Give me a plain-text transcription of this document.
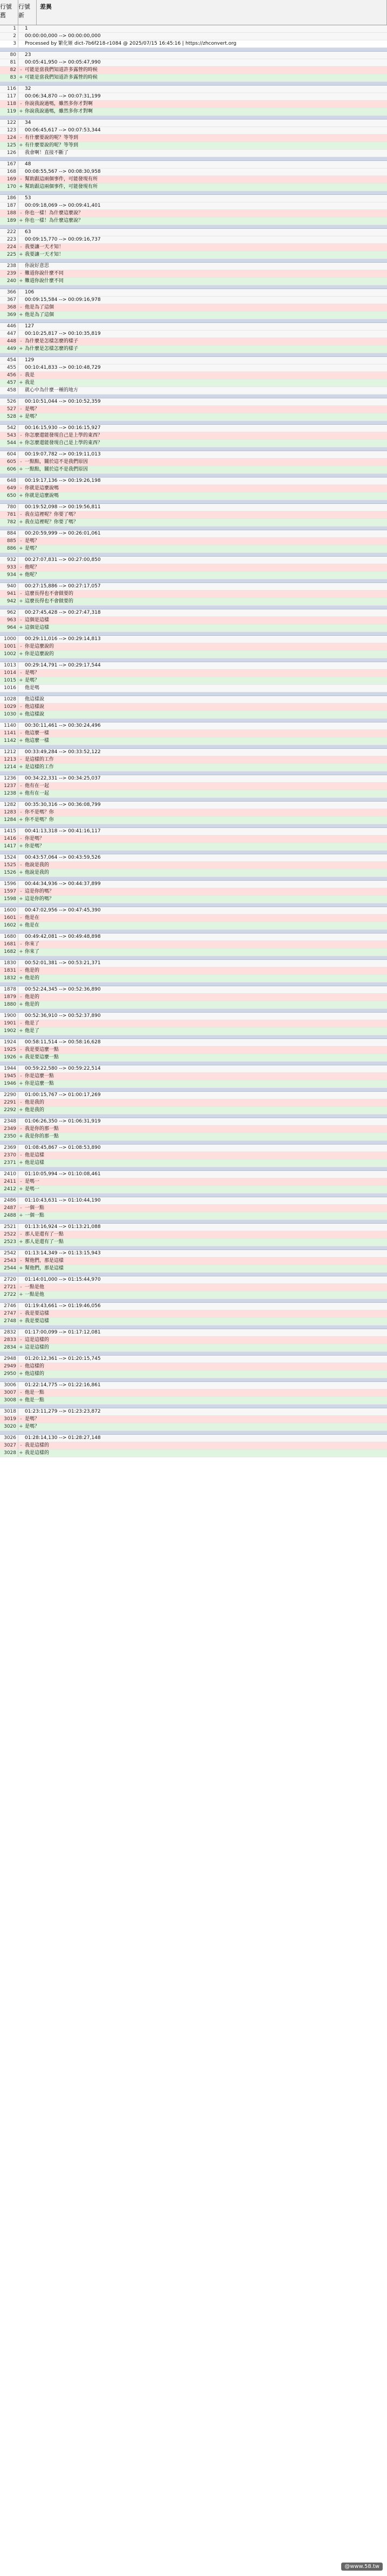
行號 舊
行號 新
差異
1	1
2	00:00:00,000 --> 00:00:00,000
3	Processed by 繁化姬 dict-7b6f218-r1084 @ 2025/07/15 16:45:16 | https://zhconvert.org
80	23
81	00:05:41,950 --> 00:05:47,990
82 - 可能是當我們知道許多露營的時候
83 + 可能是當我們知道許多露營的時候
116	32
117	00:06:34,870 --> 00:07:31,199
118 - 你說我說過嗎，雖然多你才對啊
119 + 你說我說過嗎，雖然多你才對啊
122	34
123	00:06:45,617 --> 00:07:53,344
124 - 有什麼要說的呢？等等到
125 + 有什麼要說的呢？等等到
126	我會啊！直接不斷了
167	48
168	00:08:55,567 --> 00:08:30,958
169 - 幫助跟這兩個事件，可能發現有所
170 + 幫助跟這兩個事件，可能發現有所
186	53
187	00:09:18,069 --> 00:09:41,401
188 - 你也一樣！為什麼這麼說？
189 + 你也一樣！為什麼這麼說？
222	63
223	00:09:15,770 --> 00:09:16,737
224 - 我要讓一天才知！
225 + 我要讓一天才知！
238	你說好意思
239 - 難道你說什麼不同
240 + 難道你說什麼不同
366	106
367	00:09:15,584 --> 00:09:16,978
368 - 他是為了這個
369 + 他是為了這個
446	127
447	00:10:25,817 --> 00:10:35,819
448 - 為什麼是怎樣怎麼的樣子
449 + 為什麼是怎樣怎麼的樣子
454	129
455	00:10:41,833 --> 00:10:48,729
456 - 我是
457 + 我是
458	就心中為什麼一種的地方
526	00:10:51,044 --> 00:10:52,359
527 - 是嗎？
528 + 是嗎？
542	00:16:15,930 --> 00:16:15,927
543 - 你怎麼還能發現自己是上學的東西？
544 + 你怎麼還能發現自己是上學的東西？
604	00:19:07,782 --> 00:19:11,013
605 - 一點點，關於這不是我們原因
606 + 一點點，關於這不是我們原因
648	00:19:17,136 --> 00:19:26,198
649 - 你就是這麼說嗎
650 + 你就是這麼說嗎
780	00:19:52,098 --> 00:19:56,811
781 - 我在這裡呢？你要了嗎？
782 + 我在這裡呢？你要了嗎？
884	00:20:59,999 --> 00:26:01,061
885 - 是嗎？
886 + 是嗎？
932	00:27:07,831 --> 00:27:00,850
933 - 他呢？
934 + 他呢？
940	00:27:15,886 --> 00:27:17,057
941 - 這麼長得也不會做要的
942 + 這麼長得也不會做要的
962	00:27:45,428 --> 00:27:47,318
963 - 這個是這樣
964 + 這個是這樣
1000	00:29:11,016 --> 00:29:14,813
1001 - 你是這麼說的
1002 + 你是這麼說的
1013	00:29:14,791 --> 00:29:17,544
1014 - 是嗎？
1015 + 是嗎？
1016	他是嗎
1028	他這樣說
1029 - 他這樣說
1030 + 他這樣說
1140	00:30:11,461 --> 00:30:24,496
1141 - 他這麼一樣
1142 + 他這麼一樣
1212	00:33:49,284 --> 00:33:52,122
1213 - 是這樣的工作
1214 + 是這樣的工作
1236	00:34:22,331 --> 00:34:25,037
1237 - 他有在一起
1238 + 他有在一起
1282	00:35:30,316 --> 00:36:08,799
1283 - 你不是嗎？你
1284 + 你不是嗎？你
1415	00:41:13,318 --> 00:41:16,117
1416 - 你是嗎？
1417 + 你是嗎？
1524	00:43:57,064 --> 00:43:59,526
1525 - 他說是我的
1526 + 他說是我的
1596	00:44:34,936 --> 00:44:37,899
1597 - 這是你的嗎？
1598 + 這是你的嗎？
1600	00:47:02,956 --> 00:47:45,390
1601 - 他是在
1602 + 他是在
1680	00:49:42,081 --> 00:49:48,898
1681 - 你來了
1682 + 你來了
1830	00:52:01,381 --> 00:53:21,371
1831 - 他是的
1832 + 他是的
1878	00:52:24,345 --> 00:52:36,890
1879 - 他是的
1880 + 他是的
1900	00:52:36,910 --> 00:52:37,890
1901 - 他是了
1902 + 他是了
1924	00:58:11,514 --> 00:58:16,628
1925 - 我是要這麼一點
1926 + 我是要這麼一點
1944	00:59:22,580 --> 00:59:22,514
1945 - 你是這麼一點
1946 + 你是這麼一點
2290	01:00:15,767 --> 01:00:17,269
2291 - 他是我的
2292 + 他是我的
2348	01:06:26,350 --> 01:06:31,919
2349 - 我是你的那一點
2350 + 我是你的那一點
2369	01:08:45,867 --> 01:08:53,890
2370 - 他是這樣
2371 + 他是這樣
2410	01:10:05,994 --> 01:10:08,461
2411 - 是嗎一
2412 + 是嗎一
2486	01:10:43,631 --> 01:10:44,190
2487 - 一個一點
2488 + 一個一點
2521	01:13:16,924 --> 01:13:21,088
2522 - 那人是還有了一點
2523 + 那人是還有了一點
2542	01:13:14,349 --> 01:13:15,943
2543 - 幫他們，那是這樣
2544 + 幫他們，那是這樣
2720	01:14:01,000 --> 01:15:44,970
2721 - 一點是他
2722 + 一點是他
2746	01:19:43,661 --> 01:19:46,056
2747 - 我是要這樣
2748 + 我是要這樣
2832	01:17:00,099 --> 01:17:12,081
2833 - 這是這樣的
2834 + 這是這樣的
2948	01:20:12,361 --> 01:20:15,745
2949 - 他這樣的
2950 + 他這樣的
3006	01:22:14,775 --> 01:22:16,861
3007 - 他是一點
3008 + 他是一點
3018	01:23:11,279 --> 01:23:23,872
3019 - 是嗎？
3020 + 是嗎？
3026	01:28:14,130 --> 01:28:27,148
3027 - 我是這樣的
3028 + 我是這樣的
@www.58.tw
